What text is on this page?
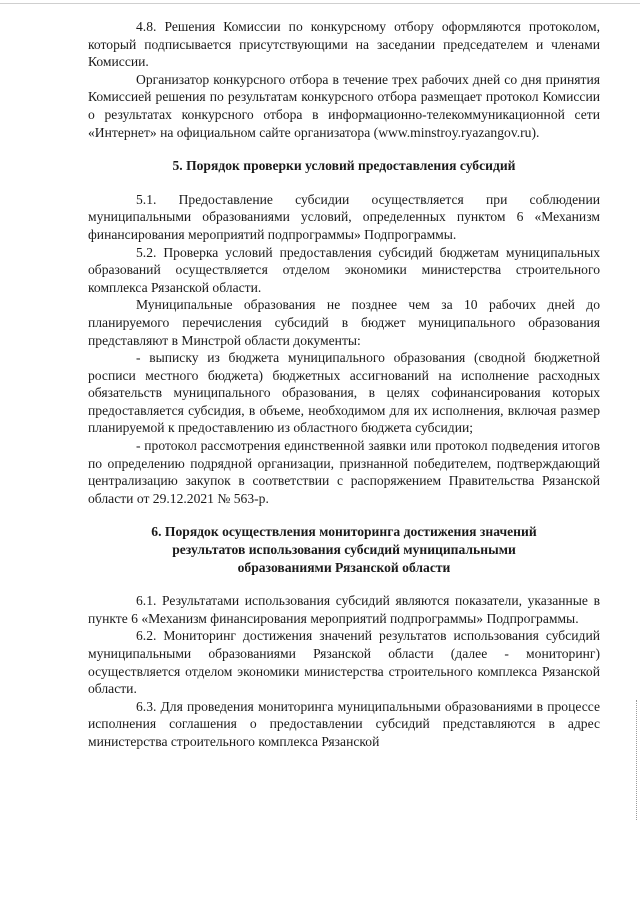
4.8. Решения Комиссии по конкурсному отбору оформляются протоколом, который подписывается присутствующими на заседании председателем и членами Комиссии.

Организатор конкурсного отбора в течение трех рабочих дней со дня принятия Комиссией решения по результатам конкурсного отбора размещает протокол Комиссии о результатах конкурсного отбора в информационно-телекоммуникационной сети «Интернет» на официальном сайте организатора (www.minstroy.ryazangov.ru).

5. Порядок проверки условий предоставления субсидий

5.1. Предоставление субсидии осуществляется при соблюдении муниципальными образованиями условий, определенных пунктом 6 «Механизм финансирования мероприятий подпрограммы» Подпрограммы.

5.2. Проверка условий предоставления субсидий бюджетам муниципальных образований осуществляется отделом экономики министерства строительного комплекса Рязанской области.

Муниципальные образования не позднее чем за 10 рабочих дней до планируемого перечисления субсидий в бюджет муниципального образования представляют в Минстрой области документы:

- выписку из бюджета муниципального образования (сводной бюджетной росписи местного бюджета) бюджетных ассигнований на исполнение расходных обязательств муниципального образования, в целях софинансирования которых предоставляется субсидия, в объеме, необходимом для их исполнения, включая размер планируемой к предоставлению из областного бюджета субсидии;

- протокол рассмотрения единственной заявки или протокол подведения итогов по определению подрядной организации, признанной победителем, подтверждающий централизацию закупок в соответствии с распоряжением Правительства Рязанской области от 29.12.2021 № 563-р.

6. Порядок осуществления мониторинга достижения значений

результатов использования субсидий муниципальными

образованиями Рязанской области

6.1. Результатами использования субсидий являются показатели, указанные в пункте 6 «Механизм финансирования мероприятий подпрограммы» Подпрограммы.

6.2. Мониторинг достижения значений результатов использования субсидий муниципальными образованиями Рязанской области (далее - мониторинг) осуществляется отделом экономики министерства строительного комплекса Рязанской области.

6.3. Для проведения мониторинга муниципальными образованиями в процессе исполнения соглашения о предоставлении субсидий представляются в адрес министерства строительного комплекса Рязанской
